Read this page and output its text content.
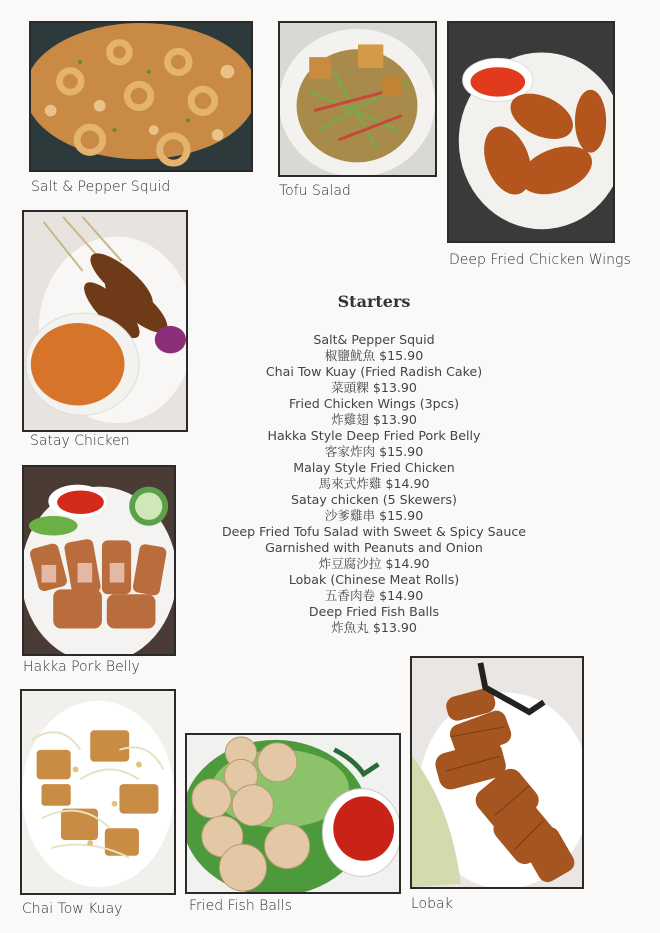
Salt & Pepper Squid	Tofu Salad
Deep Fried Chicken Wings
Satay Chicken
Hakka Pork Belly
Chai Tow Kuay	Fried Fish Balls	Lobak
Starters
Salt& Pepper Squid
椒鹽魷魚 $15.90
Chai Tow Kuay (Fried Radish Cake)
菜頭粿 $13.90
Fried Chicken Wings (3pcs)
炸雞翅 $13.90
Hakka Style Deep Fried Pork Belly
客家炸肉 $15.90
Malay Style Fried Chicken
馬來式炸雞 $14.90
Satay chicken (5 Skewers)
沙爹雞串 $15.90
Deep Fried Tofu Salad with Sweet & Spicy Sauce
Garnished with Peanuts and Onion
炸豆腐沙拉 $14.90
Lobak (Chinese Meat Rolls)
五香肉卷 $14.90
Deep Fried Fish Balls
炸魚丸 $13.90
